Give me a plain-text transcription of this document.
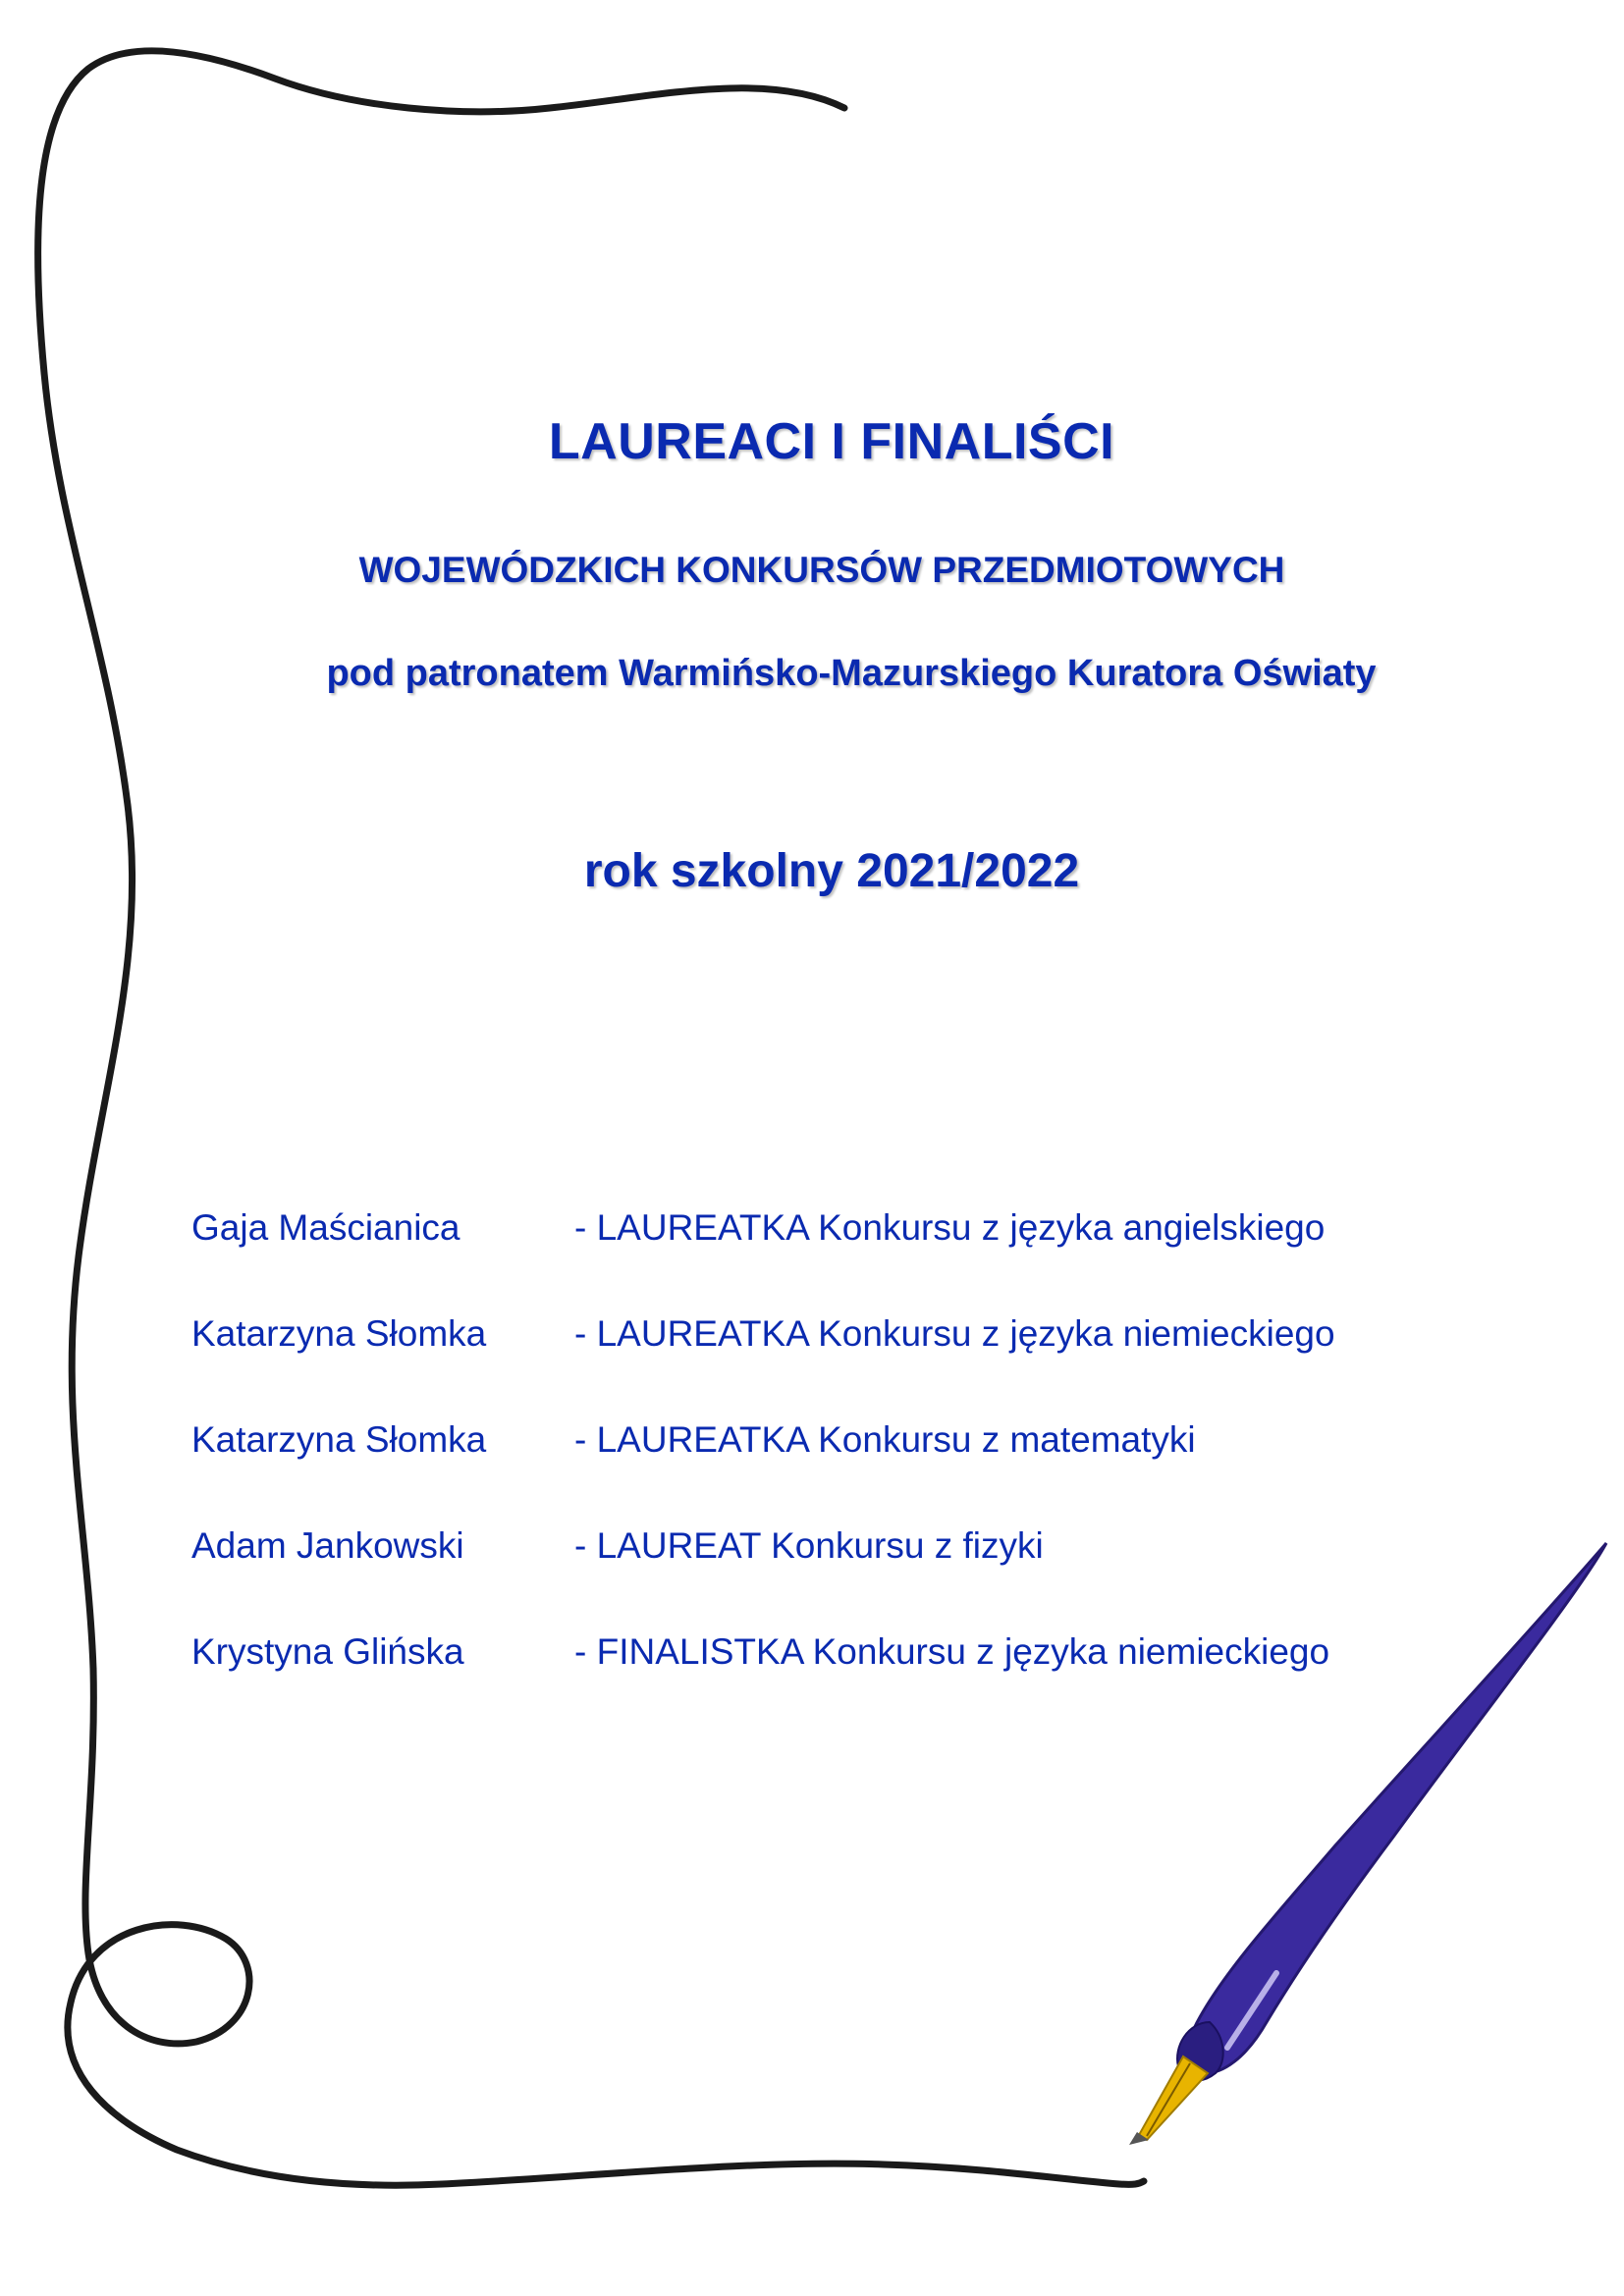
LAUREACI I FINALIŚCI
WOJEWÓDZKICH KONKURSÓW PRZEDMIOTOWYCH
pod patronatem Warmińsko-Mazurskiego Kuratora Oświaty
rok szkolny 2021/2022
Gaja Maścianica	- LAUREATKA Konkursu z języka angielskiego
Katarzyna Słomka	- LAUREATKA Konkursu z języka niemieckiego
Katarzyna Słomka	- LAUREATKA Konkursu z matematyki
Adam Jankowski	- LAUREAT Konkursu z fizyki
Krystyna Glińska	- FINALISTKA Konkursu z języka niemieckiego
